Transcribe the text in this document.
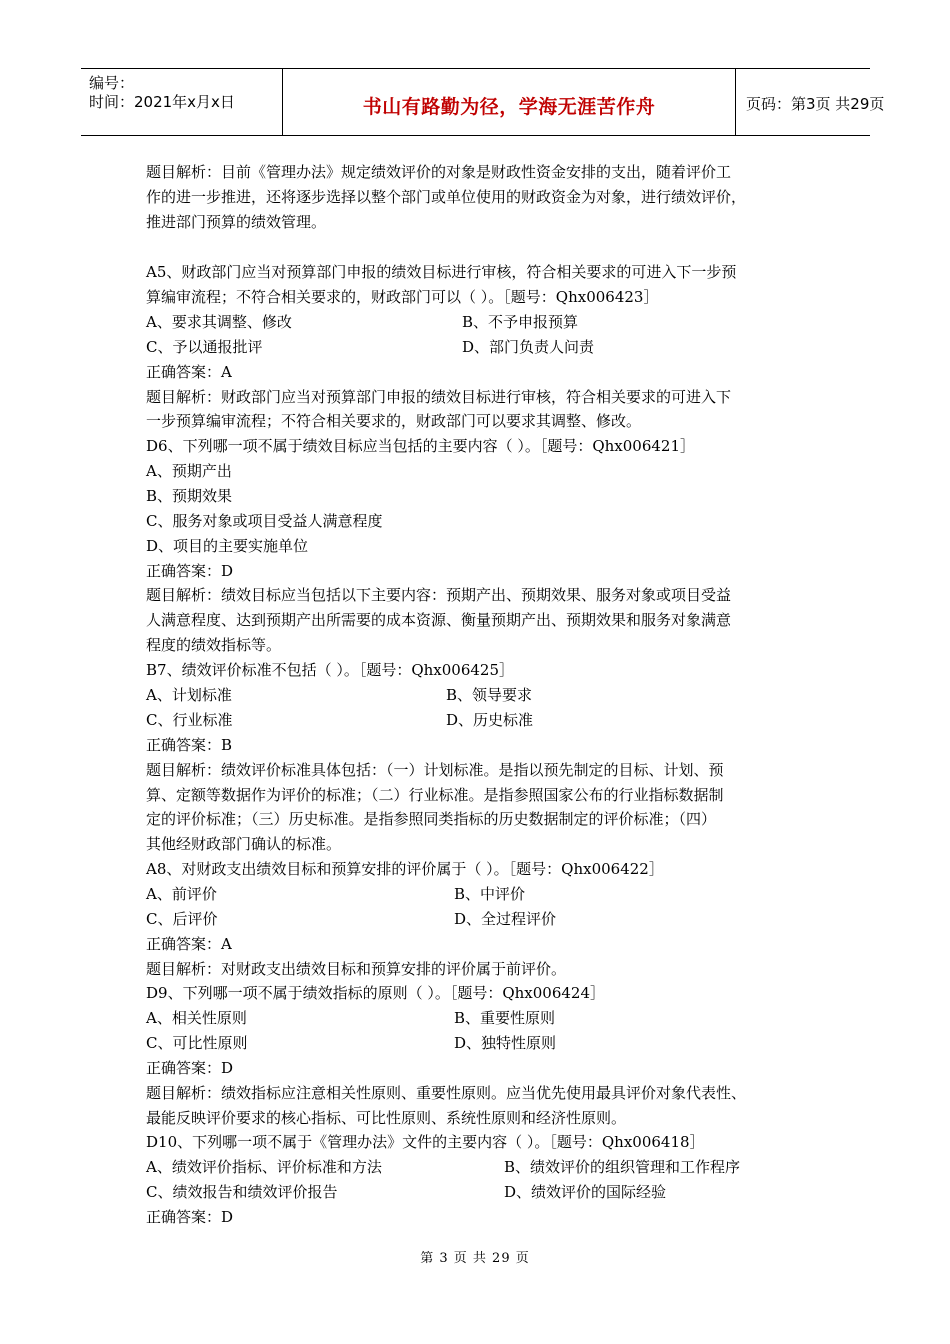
编号：
时间：2021年x月x日	书山有路勤为径，学海无涯苦作舟	页码：第3页 共29页
题目解析：目前《管理办法》规定绩效评价的对象是财政性资金安排的支出，随着评价工
作的进一步推进，还将逐步选择以整个部门或单位使用的财政资金为对象，进行绩效评价，
推进部门预算的绩效管理。
A5、财政部门应当对预算部门申报的绩效目标进行审核，符合相关要求的可进入下一步预
算编审流程；不符合相关要求的，财政部门可以（ ）。［题号：Qhx006423］
A、要求其调整、修改	B、不予申报预算
C、予以通报批评	D、部门负责人问责
正确答案：A
题目解析：财政部门应当对预算部门申报的绩效目标进行审核，符合相关要求的可进入下
一步预算编审流程；不符合相关要求的，财政部门可以要求其调整、修改。
D6、下列哪一项不属于绩效目标应当包括的主要内容（ ）。［题号：Qhx006421］
A、预期产出
B、预期效果
C、服务对象或项目受益人满意程度
D、项目的主要实施单位
正确答案：D
题目解析：绩效目标应当包括以下主要内容：预期产出、预期效果、服务对象或项目受益
人满意程度、达到预期产出所需要的成本资源、衡量预期产出、预期效果和服务对象满意
程度的绩效指标等。
B7、绩效评价标准不包括（ ）。［题号：Qhx006425］
A、计划标准	B、领导要求
C、行业标准	D、历史标准
正确答案：B
题目解析：绩效评价标准具体包括：（一）计划标准。是指以预先制定的目标、计划、预
算、定额等数据作为评价的标准；（二）行业标准。是指参照国家公布的行业指标数据制
定的评价标准；（三）历史标准。是指参照同类指标的历史数据制定的评价标准；（四）
其他经财政部门确认的标准。
A8、对财政支出绩效目标和预算安排的评价属于（ ）。［题号：Qhx006422］
A、前评价	B、中评价
C、后评价	D、全过程评价
正确答案：A
题目解析：对财政支出绩效目标和预算安排的评价属于前评价。
D9、下列哪一项不属于绩效指标的原则（ ）。［题号：Qhx006424］
A、相关性原则	B、重要性原则
C、可比性原则	D、独特性原则
正确答案：D
题目解析：绩效指标应注意相关性原则、重要性原则。应当优先使用最具评价对象代表性、
最能反映评价要求的核心指标、可比性原则、系统性原则和经济性原则。
D10、下列哪一项不属于《管理办法》文件的主要内容（ ）。［题号：Qhx006418］
A、绩效评价指标、评价标准和方法	B、绩效评价的组织管理和工作程序
C、绩效报告和绩效评价报告	D、绩效评价的国际经验
正确答案：D
第 3 页 共 29 页
